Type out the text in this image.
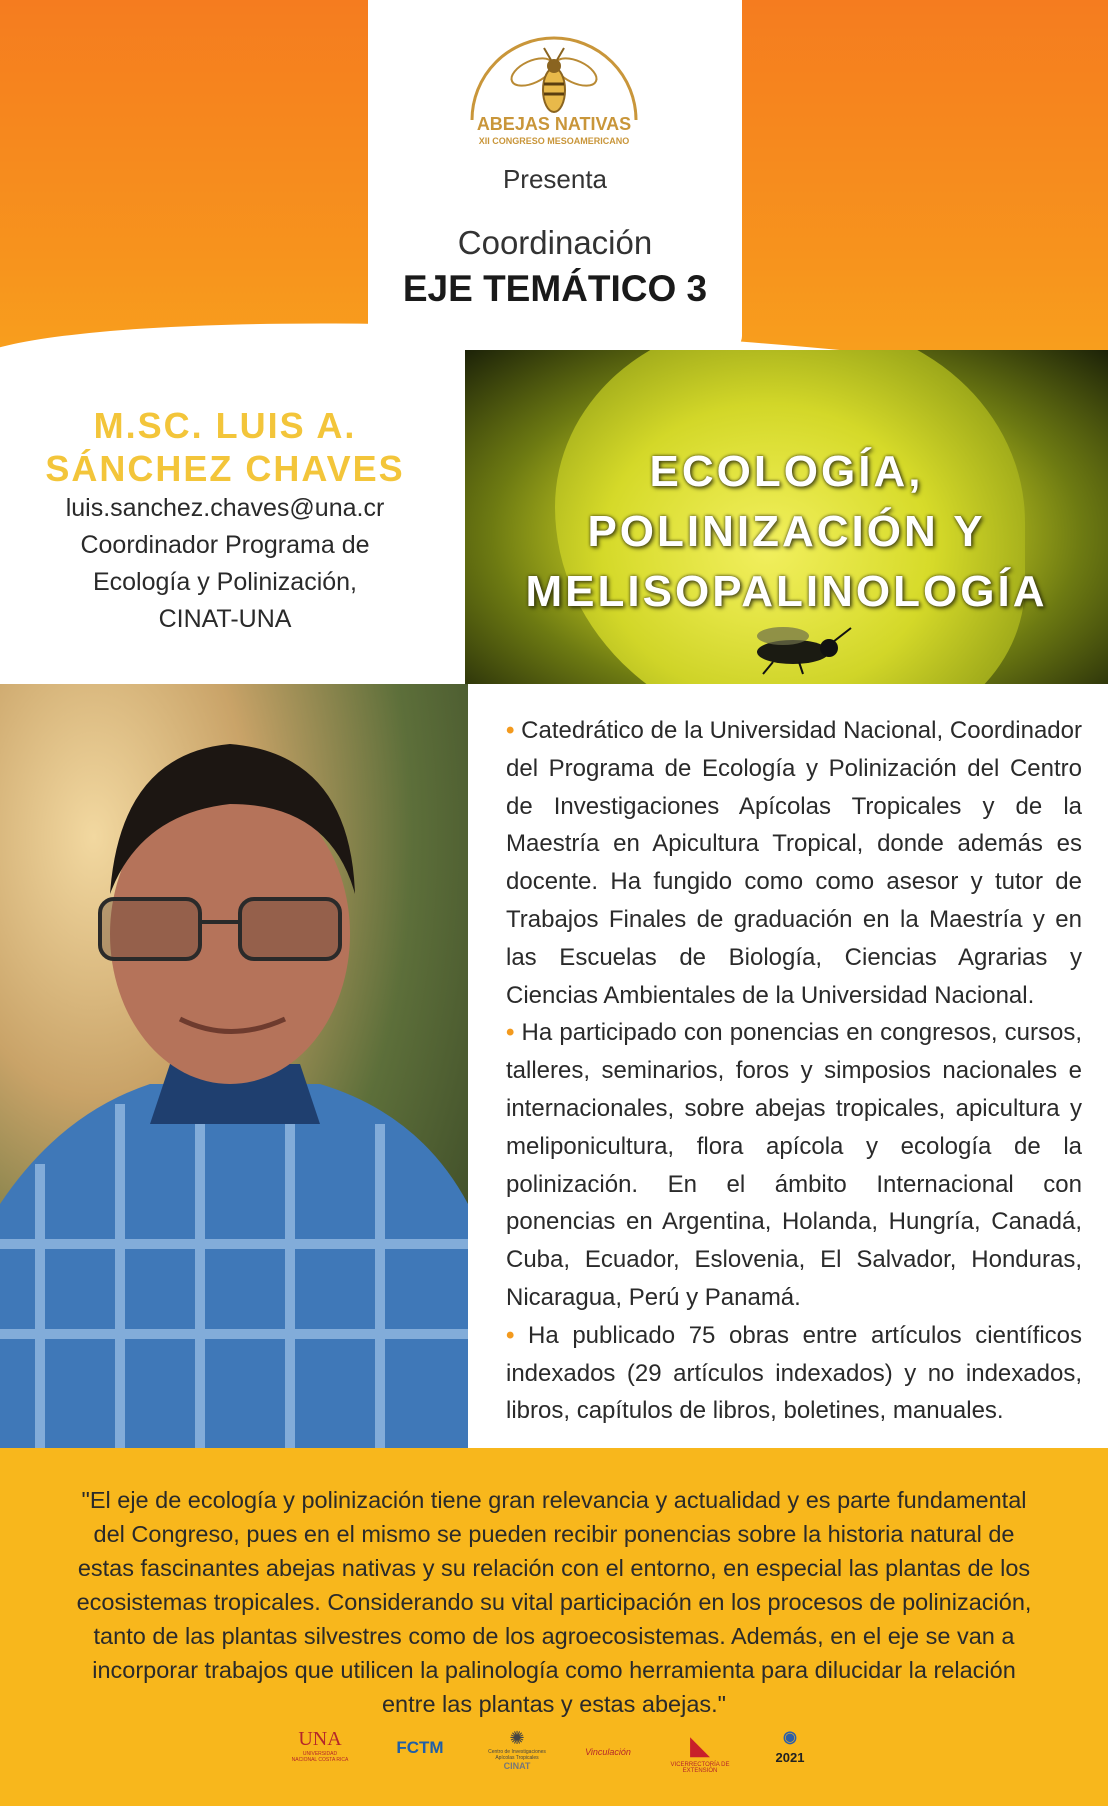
ABEJAS NATIVAS
XII CONGRESO MESOAMERICANO
Presenta
Coordinación
EJE TEMÁTICO 3
M.SC. LUIS A.
SÁNCHEZ CHAVES
luis.sanchez.chaves@una.cr
Coordinador Programa de
Ecología y Polinización,
CINAT-UNA
ECOLOGÍA,
POLINIZACIÓN Y
MELISOPALINOLOGÍA

• Catedrático de la Universidad Nacional, Coordinador del Programa de Ecología y Polinización del Centro de Investigaciones Apícolas Tropicales y de la Maestría en Apicultura Tropical, donde además es docente. Ha fungido como como asesor y tutor de Trabajos Finales de graduación en la Maestría y en las Escuelas de Biología, Ciencias Agrarias y Ciencias Ambientales de la Universidad Nacional.

• Ha participado con ponencias en congresos, cursos, talleres, seminarios, foros y simposios nacionales e internacionales, sobre abejas tropicales, apicultura y meliponicultura, flora apícola y ecología de la polinización. En el ámbito Internacional con ponencias en Argentina, Holanda, Hungría, Canadá, Cuba, Ecuador, Eslovenia, El Salvador, Honduras, Nicaragua, Perú y Panamá.

• Ha publicado 75 obras entre artículos científicos indexados (29 artículos indexados) y no indexados, libros, capítulos de libros, boletines, manuales.

"El eje de ecología y polinización tiene gran relevancia y actualidad y es parte fundamental del Congreso, pues en el mismo se pueden recibir ponencias sobre la historia natural de estas fascinantes abejas nativas y su relación con el entorno, en especial las plantas de los ecosistemas tropicales. Considerando su vital participación en los procesos de polinización, tanto de las plantas silvestres como de los agroecosistemas. Además, en el eje se van a incorporar trabajos que utilicen la palinología como herramienta para dilucidar la relación entre las plantas y estas abejas."
UNA
UNIVERSIDAD NACIONAL COSTA RICA
FCTM	✺
Centro de Investigaciones Apícolas Tropicales
CINAT
Vinculación	◣
VICERRECTORÍA DE EXTENSIÓN
◉
2021
